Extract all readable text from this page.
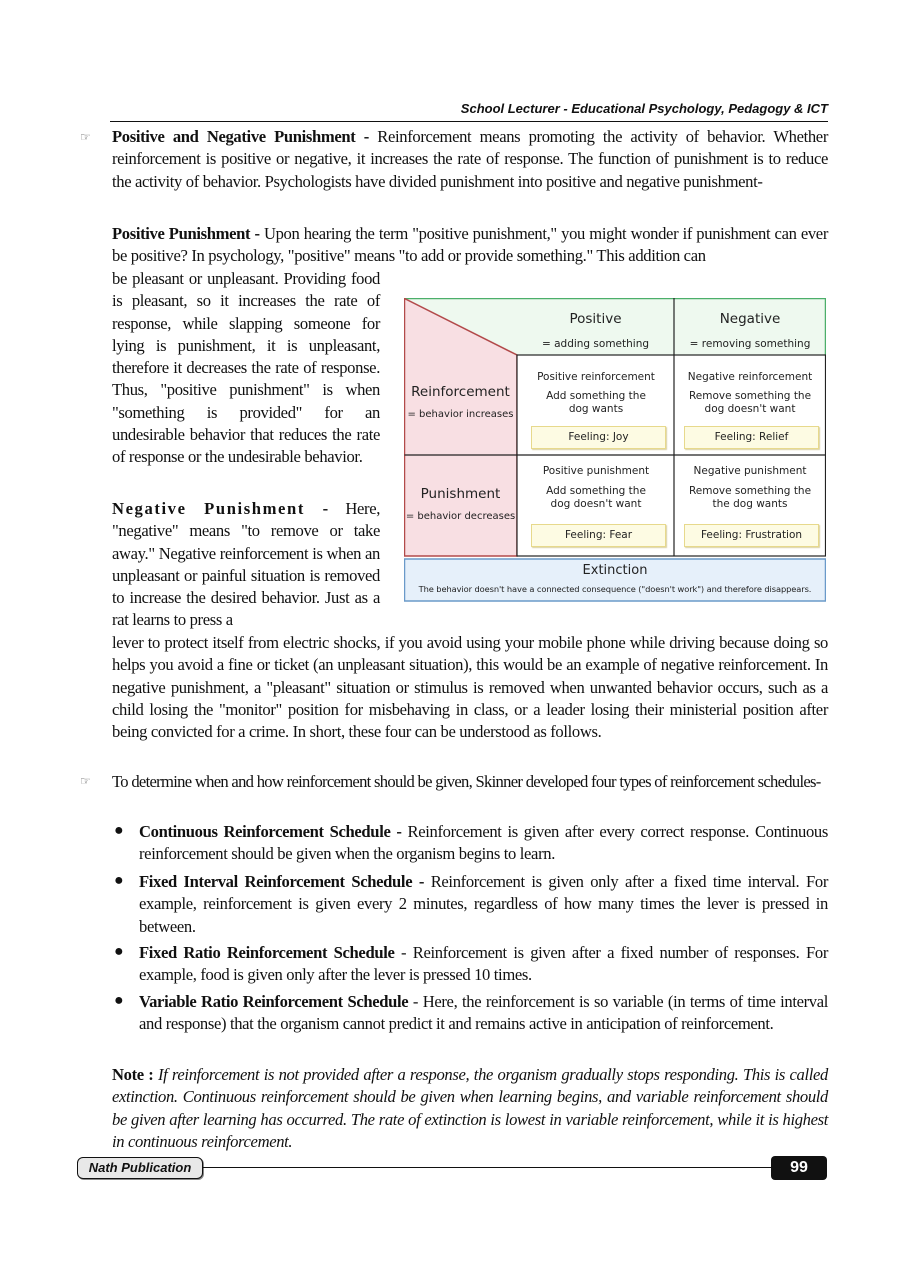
School Lecturer - Educational Psychology, Pedagogy & ICT
☞ Positive and Negative Punishment - Reinforcement means promoting the activity of behavior. Whether reinforcement is positive or negative, it increases the rate of response. The function of punishment is to reduce the activity of behavior. Psychologists have divided punishment into positive and negative punishment-
Positive Punishment - Upon hearing the term "positive punishment," you might wonder if punishment can ever be positive? In psychology, "positive" means "to add or provide something." This addition can
be pleasant or unpleasant. Providing food is pleasant, so it increases the rate of response, while slapping someone for lying is punishment, it is unpleasant, therefore it decreases the rate of response. Thus, "positive punishment" is when "something is provided" for an undesirable behavior that reduces the rate of response or the undesirable behavior.
Negative Punishment - Here, "negative" means "to remove or take away." Negative reinforcement is when an unpleasant or painful situation is removed to increase the desired behavior. Just as a rat learns to press a
lever to protect itself from electric shocks, if you avoid using your mobile phone while driving because doing so helps you avoid a fine or ticket (an unpleasant situation), this would be an example of negative reinforcement. In negative punishment, a "pleasant" situation or stimulus is removed when unwanted behavior occurs, such as a child losing the "monitor" position for misbehaving in class, or a leader losing their ministerial position after being convicted for a crime. In short, these four can be understood as follows.
Positive
= adding something
Negative
= removing something
Reinforcement
= behavior increases
Punishment
= behavior decreases
Positive reinforcement
Add something the dog wants
Feeling: Joy
Negative reinforcement
Remove something the dog doesn't want
Feeling: Relief
Positive punishment
Add something the dog doesn't want
Feeling: Fear
Negative punishment
Remove something the the dog wants
Feeling: Frustration
Extinction
The behavior doesn't have a connected consequence ("doesn't work") and therefore disappears.
☞ To determine when and how reinforcement should be given, Skinner developed four types of reinforcement schedules-
● Continuous Reinforcement Schedule - Reinforcement is given after every correct response. Continuous reinforcement should be given when the organism begins to learn.
● Fixed Interval Reinforcement Schedule - Reinforcement is given only after a fixed time interval. For example, reinforcement is given every 2 minutes, regardless of how many times the lever is pressed in between.
● Fixed Ratio Reinforcement Schedule - Reinforcement is given after a fixed number of responses. For example, food is given only after the lever is pressed 10 times.
● Variable Ratio Reinforcement Schedule - Here, the reinforcement is so variable (in terms of time interval and response) that the organism cannot predict it and remains active in anticipation of reinforcement.
Note : If reinforcement is not provided after a response, the organism gradually stops responding. This is called extinction. Continuous reinforcement should be given when learning begins, and variable reinforcement should be given after learning has occurred. The rate of extinction is lowest in variable reinforcement, while it is highest in continuous reinforcement.
Nath Publication	99
